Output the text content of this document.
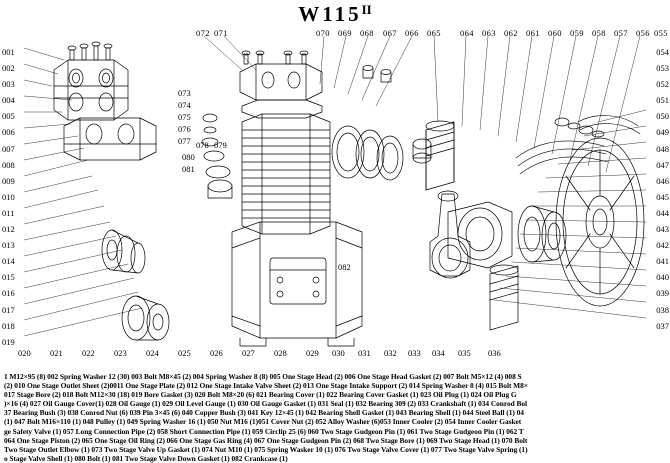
$W115^{II}$
072 071	070 069 068 067 066 065 064 063 062 061 060 059 058 057 056 055
001
002
003
004
005
006
007
008
009
010
011
012
013
014
015
016
017
018
019
054
053
052
051
050
049
048
047
046
045
044
043
042
041
040
039
038
037
020 021 022 023 024 025 026 027 028 029 030 031 032 033 034 035 036
073
074
075
076
077 078 079
080
081
082
1 M12×95 (8) 002 Spring Washer 12 (30) 003 Bolt M8×45 (2) 004 Spring Washer 8 (8) 005 One Stage Head (2) 006 One Stage Head Gasket (2) 007 Bolt M5×12 (4) 008 S
(2) 010 One Stage Outlet Sheet (2)0011 One Stage Plate (2) 012 One Stage Intake Valve Sheet (2) 013 One Stage Intake Support (2) 014 Spring Washer 8 (4) 015 Bolt M8×
017 Stage Bore (2) 018 Bolt M12×30 (18) 019 Bore Gasket (3) 020 Bolt M8×20 (6) 021 Bearing Cover (1) 022 Bearing Cover Gasket (1) 023 Oil Plug (1) 024 Oil Plug G
)×16 (4) 027 Oil Gauge Cover(1) 028 Oil Gauge (1) 029 Oil Level Gauge (1) 030 Oil Gauge Gasket (1) 031 Seal (1) 032 Bearing 309 (2) 033 Crankshaft (1) 034 Conrod Bol
37 Bearing Bush (3) 038 Conrod Nut (6) 039 Pin 3×45 (6) 040 Copper Bush (3) 041 Key 12×45 (1) 042 Bearing Shell Gasket (1) 043 Bearing Shell (1) 044 Steel Ball (1) 04
(1) 047 Bolt M16×110 (1) 048 Pulley (1) 049 Spring Washer 16 (1) 050 Nut M16 (1)051 Cover Nut (2) 052 Alloy Washer (6)053 Inner Cooler (2) 054 Inner Cooler Gasket
ge Safety Valve (1) 057 Long Connection Pipe (2) 058 Short Connection Pipe (1) 059 Circlip 25 (6) 060 Two Stage Gudgeon Pin (1) 061 Two Stage Gudgeon Pin (1) 062 T
064 One Stage Piston (2) 065 One Stage Oil Ring (2) 066 One Stage Gas Ring (4) 067 One Stage Gudgeon Pin (2) 068 Two Stage Bore (1) 069 Two Stage Head (1) 070 Bolt
Two Stage Outlet Elbow (1) 073 Two Stage Valve Up Gasket (1) 074 Nut M10 (1) 075 Spring Wasker 10 (1) 076 Two Stage Valve Cover (1) 077 Two Stage Valve Spring (1)
o Stage Valve Shell (1) 080 Bolt (1) 081 Two Stage Valve Down Gasket (1) 082 Crankcase (1)
